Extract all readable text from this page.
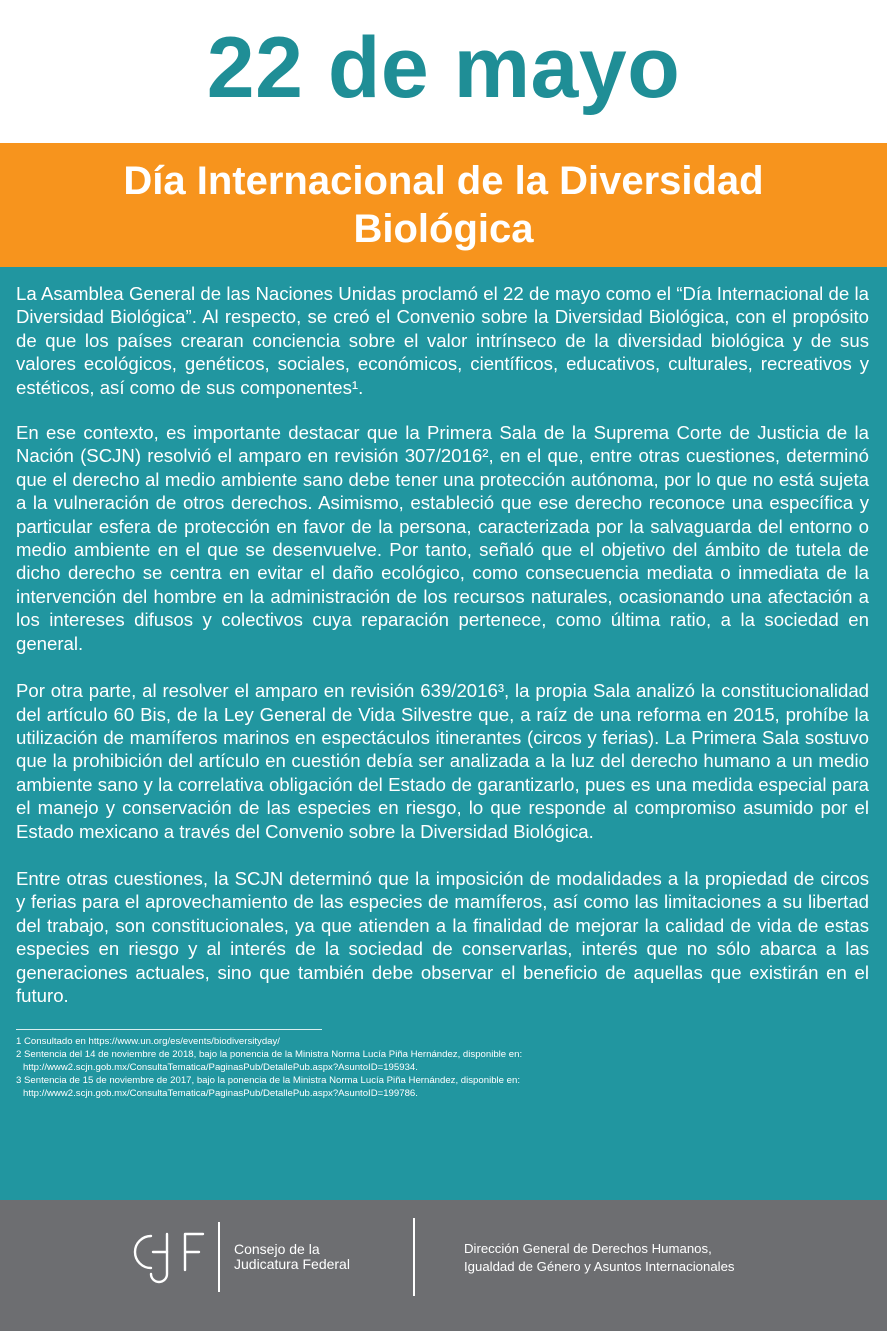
22 de mayo
Día Internacional de la Diversidad Biológica

La Asamblea General de las Naciones Unidas proclamó el 22 de mayo como el “Día Internacional de la Diversidad Biológica”. Al respecto, se creó el Convenio sobre la Diversidad Biológica, con el propósito de que los países crearan conciencia sobre el valor intrínseco de la diversidad biológica y de sus valores ecológicos, genéticos, sociales, económicos, científicos, educativos, culturales, recreativos y estéticos, así como de sus componentes¹.

En ese contexto, es importante destacar que la Primera Sala de la Suprema Corte de Justicia de la Nación (SCJN) resolvió el amparo en revisión 307/2016², en el que, entre otras cuestiones, determinó que el derecho al medio ambiente sano debe tener una protección autónoma, por lo que no está sujeta a la vulneración de otros derechos. Asimismo, estableció que ese derecho reconoce una específica y particular esfera de protección en favor de la persona, caracterizada por la salvaguarda del entorno o medio ambiente en el que se desenvuelve. Por tanto, señaló que el objetivo del ámbito de tutela de dicho derecho se centra en evitar el daño ecológico, como consecuencia mediata o inmediata de la intervención del hombre en la administración de los recursos naturales, ocasionando una afectación a los intereses difusos y colectivos cuya reparación pertenece, como última ratio, a la sociedad en general.

Por otra parte, al resolver el amparo en revisión 639/2016³, la propia Sala analizó la constitucionalidad del artículo 60 Bis, de la Ley General de Vida Silvestre que, a raíz de una reforma en 2015, prohíbe la utilización de mamíferos marinos en espectáculos itinerantes (circos y ferias). La Primera Sala sostuvo que la prohibición del artículo en cuestión debía ser analizada a la luz del derecho humano a un medio ambiente sano y la correlativa obligación del Estado de garantizarlo, pues es una medida especial para el manejo y conservación de las especies en riesgo, lo que responde al compromiso asumido por el Estado mexicano a través del Convenio sobre la Diversidad Biológica.

Entre otras cuestiones, la SCJN determinó que la imposición de modalidades a la propiedad de circos y ferias para el aprovechamiento de las especies de mamíferos, así como las limitaciones a su libertad del trabajo, son constitucionales, ya que atienden a la finalidad de mejorar la calidad de vida de estas especies en riesgo y al interés de la sociedad de conservarlas, interés que no sólo abarca a las generaciones actuales, sino que también debe observar el beneficio de aquellas que existirán en el futuro.

1 Consultado en https://www.un.org/es/events/biodiversityday/

2 Sentencia del 14 de noviembre de 2018, bajo la ponencia de la Ministra Norma Lucía Piña Hernández, disponible en:
http://www2.scjn.gob.mx/ConsultaTematica/PaginasPub/DetallePub.aspx?AsuntoID=195934.

3 Sentencia de 15 de noviembre de 2017, bajo la ponencia de la Ministra Norma Lucía Piña Hernández, disponible en:
http://www2.scjn.gob.mx/ConsultaTematica/PaginasPub/DetallePub.aspx?AsuntoID=199786.

Consejo de la
Judicatura Federal
Dirección General de Derechos Humanos,
Igualdad de Género y Asuntos Internacionales
